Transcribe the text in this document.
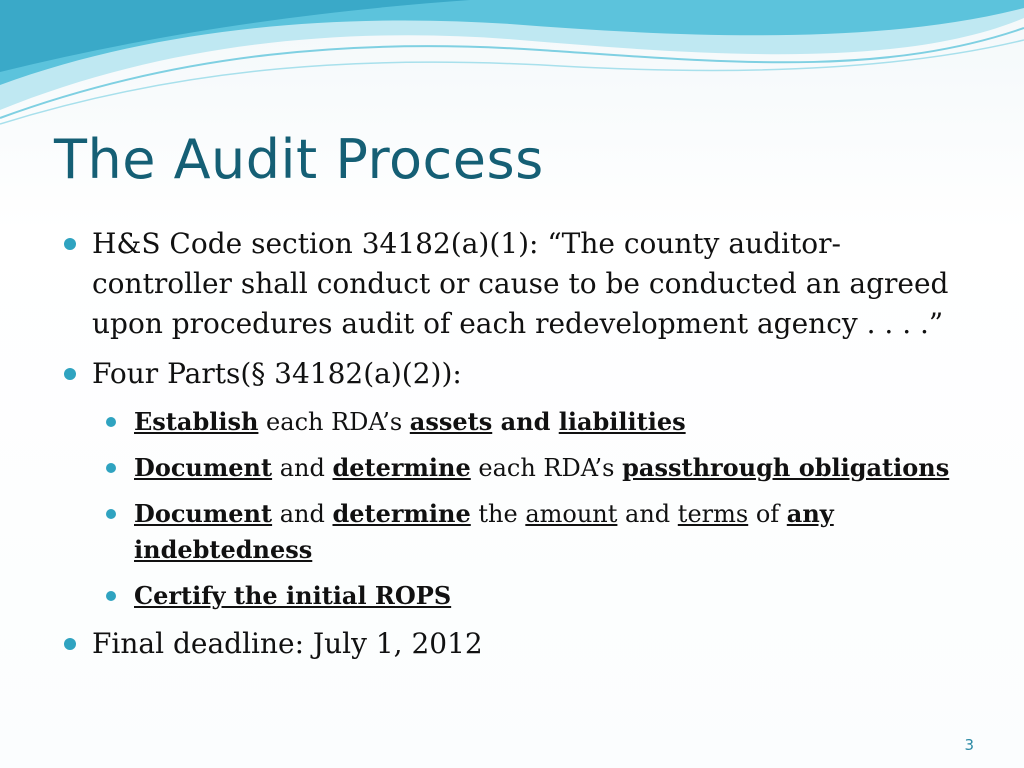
The Audit Process
H&S Code section 34182(a)(1): “The county auditor-controller shall conduct or cause to be conducted an agreed upon procedures audit of each redevelopment agency . . . .”
Four Parts(§ 34182(a)(2)):
Establish each RDA’s assets and liabilities
Document and determine each RDA’s passthrough obligations
Document and determine the amount and terms of any indebtedness
Certify the initial ROPS
Final deadline: July 1, 2012
3
